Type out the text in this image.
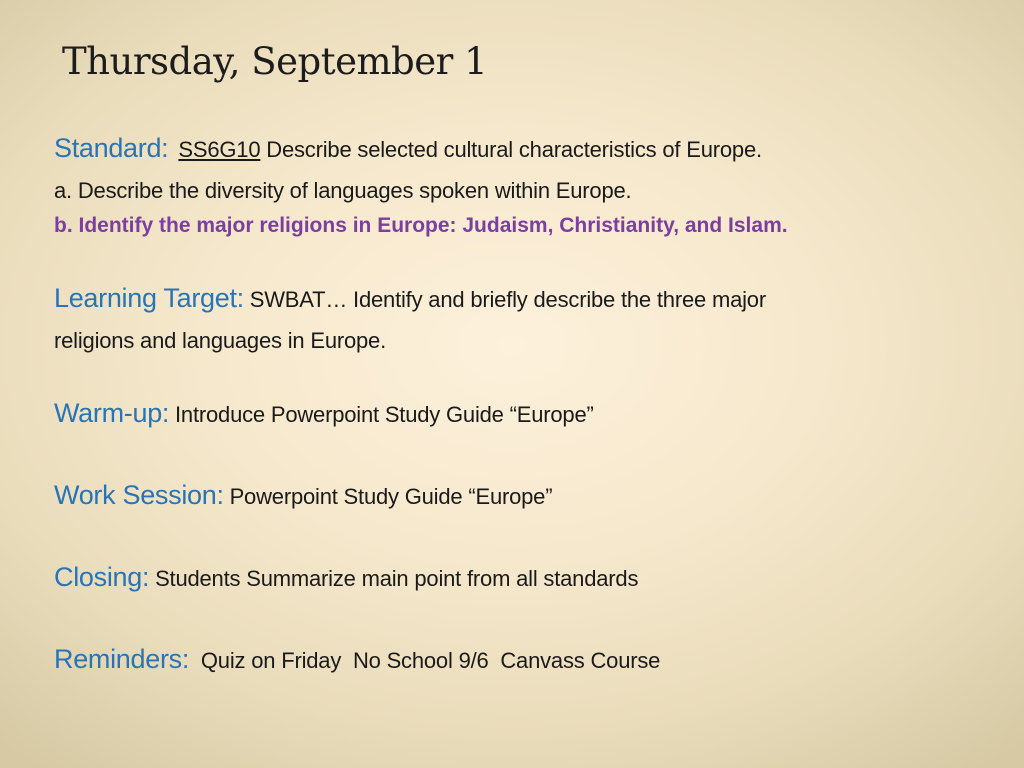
Thursday, September 1
Standard: SS6G10 Describe selected cultural characteristics of Europe.
a. Describe the diversity of languages spoken within Europe.
b. Identify the major religions in Europe: Judaism, Christianity, and Islam.
Learning Target: SWBAT… Identify and briefly describe the three major
religions and languages in Europe.
Warm-up: Introduce Powerpoint Study Guide “Europe”
Work Session: Powerpoint Study Guide “Europe”
Closing: Students Summarize main point from all standards
Reminders:  Quiz on Friday  No School 9/6  Canvass Course
